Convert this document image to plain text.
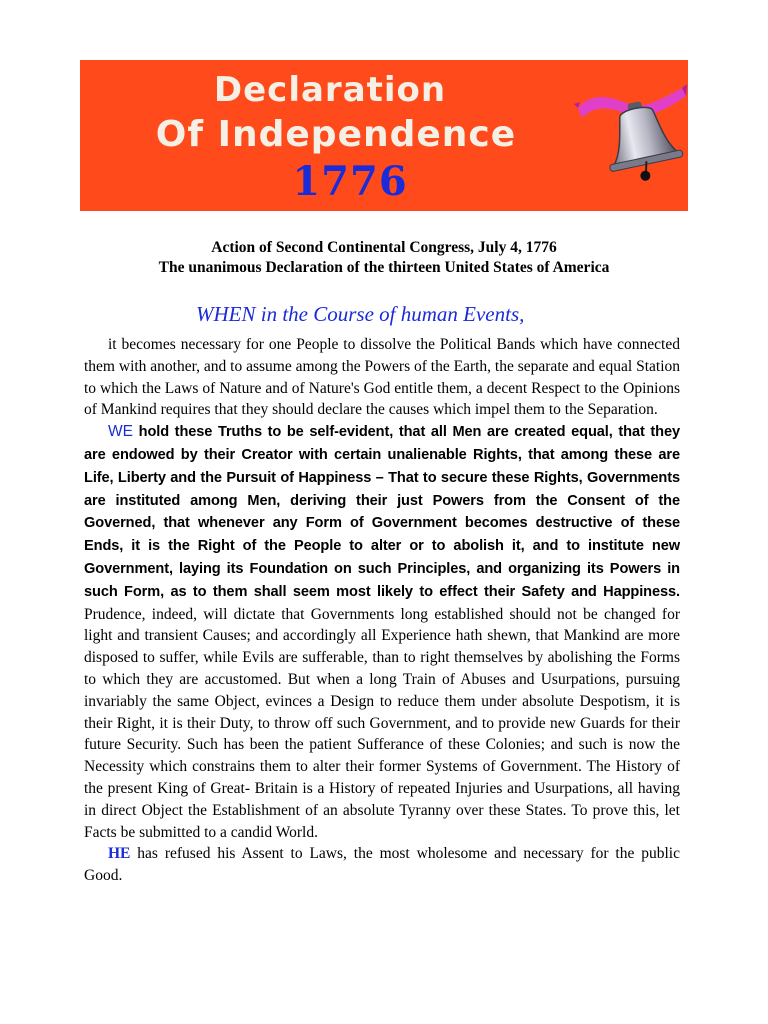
Declaration
Of Independence
1776
Action of Second Continental Congress, July 4, 1776
The unanimous Declaration of the thirteen United States of America
WHEN in the Course of human Events,

it becomes necessary for one People to dissolve the Political Bands which have connected them with another, and to assume among the Powers of the Earth, the separate and equal Station to which the Laws of Nature and of Nature's God entitle them, a decent Respect to the Opinions of Mankind requires that they should declare the causes which impel them to the Separation.

WE hold these Truths to be self-evident, that all Men are created equal, that they are endowed by their Creator with certain unalienable Rights, that among these are Life, Liberty and the Pursuit of Happiness – That to secure these Rights, Governments are instituted among Men, deriving their just Powers from the Consent of the Governed, that whenever any Form of Government becomes destructive of these Ends, it is the Right of the People to alter or to abolish it, and to institute new Government, laying its Foundation on such Principles, and organizing its Powers in such Form, as to them shall seem most likely to effect their Safety and Happiness. Prudence, indeed, will dictate that Governments long established should not be changed for light and transient Causes; and accordingly all Experience hath shewn, that Mankind are more disposed to suffer, while Evils are sufferable, than to right themselves by abolishing the Forms to which they are accustomed. But when a long Train of Abuses and Usurpations, pursuing invariably the same Object, evinces a Design to reduce them under absolute Despotism, it is their Right, it is their Duty, to throw off such Government, and to provide new Guards for their future Security. Such has been the patient Sufferance of these Colonies; and such is now the Necessity which constrains them to alter their former Systems of Government. The History of the present King of Great- Britain is a History of repeated Injuries and Usurpations, all having in direct Object the Establishment of an absolute Tyranny over these States. To prove this, let Facts be submitted to a candid World.

HE has refused his Assent to Laws, the most wholesome and necessary for the public Good.
